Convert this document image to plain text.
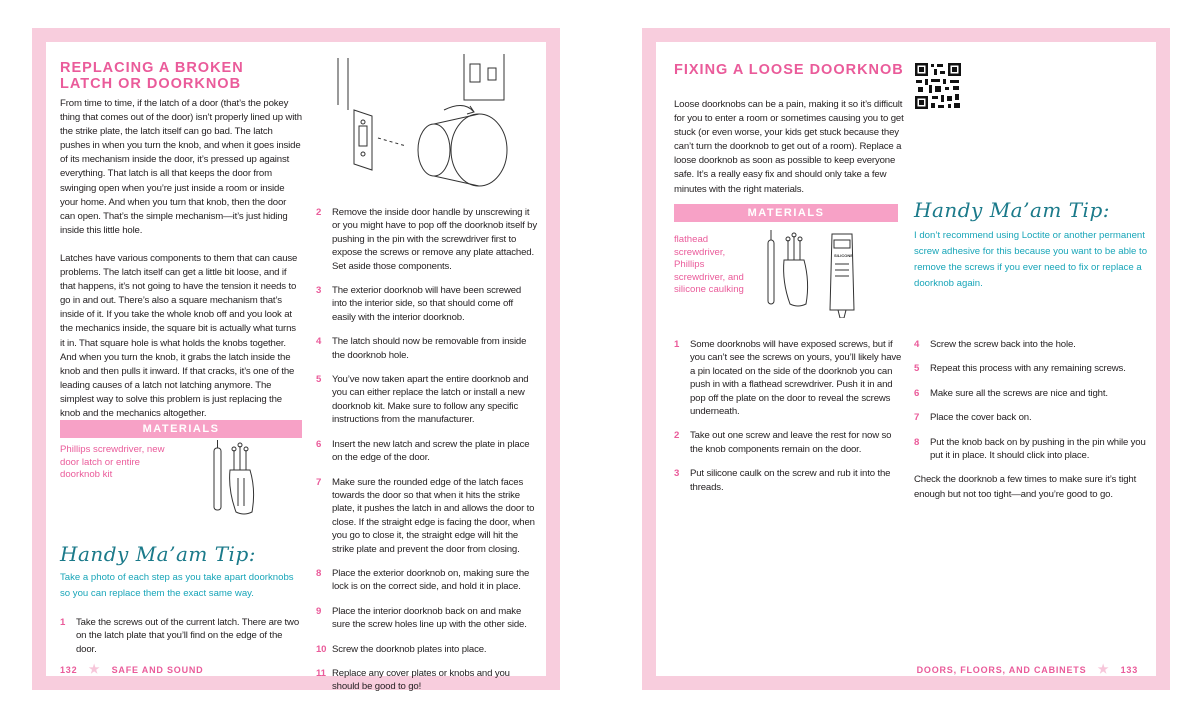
REPLACING A BROKEN LATCH OR DOORKNOB

From time to time, if the latch of a door (that’s the pokey thing that comes out of the door) isn’t properly lined up with the strike plate, the latch itself can go bad. The latch pushes in when you turn the knob, and when it goes inside of its mechanism inside the door, it’s pressed up against everything. That latch is all that keeps the door from swinging open when you’re just inside a room or inside your home. And when you turn that knob, then the door can open. That’s the simple mechanism—it’s just hiding inside this little hole.

Latches have various components to them that can cause problems. The latch itself can get a little bit loose, and if that happens, it’s not going to have the tension it needs to go in and out. There’s also a square mechanism that’s inside of it. If you take the whole knob off and you look at the mechanics inside, the square bit is actually what turns it in. That square hole is what holds the knobs together. And when you turn the knob, it grabs the latch inside the knob and then pulls it inward. If that cracks, it’s one of the leading causes of a latch not latching anymore. The simplest way to solve this problem is just replacing the knob and the mechanics altogether.

MATERIALS
Phillips screwdriver, new door latch or entire doorknob kit
Handy Ma’am Tip:
Take a photo of each step as you take apart doorknobs so you can replace them the exact same way.
1	Take the screws out of the current latch. There are two on the latch plate that you’ll find on the edge of the door.
2	Remove the inside door handle by unscrewing it or you might have to pop off the doorknob itself by pushing in the pin with the screwdriver first to expose the screws or remove any plate attached. Set aside those components.
3	The exterior doorknob will have been screwed into the interior side, so that should come off easily with the interior doorknob.
4	The latch should now be removable from inside the doorknob hole.
5	You’ve now taken apart the entire doorknob and you can either replace the latch or install a new doorknob kit. Make sure to follow any specific instructions from the manufacturer.
6	Insert the new latch and screw the plate in place on the edge of the door.
7	Make sure the rounded edge of the latch faces towards the door so that when it hits the strike plate, it pushes the latch in and allows the door to close. If the straight edge is facing the door, when you go to close it, the straight edge will hit the strike plate and prevent the door from closing.
8	Place the exterior doorknob on, making sure the lock is on the correct side, and hold it in place.
9	Place the interior doorknob back on and make sure the screw holes line up with the other side.
10 Screw the doorknob plates into place.
11 Replace any cover plates or knobs and you should be good to go!
132 ★ SAFE AND SOUND
FIXING A LOOSE DOORKNOB
Loose doorknobs can be a pain, making it so it’s difficult for you to enter a room or sometimes causing you to get stuck (or even worse, your kids get stuck because they can’t turn the doorknob to get out of a room). Replace a loose doorknob as soon as possible to keep everyone safe. It’s a really easy fix and should only take a few minutes with the right materials.
MATERIALS
flathead screwdriver, Phillips screwdriver, and silicone caulking
SILICONE
Handy Ma’am Tip:
I don’t recommend using Loctite or another permanent screw adhesive for this because you want to be able to remove the screws if you ever need to fix or replace a doorknob again.
1	Some doorknobs will have exposed screws, but if you can’t see the screws on yours, you’ll likely have a pin located on the side of the doorknob you can push in with a flathead screwdriver. Push it in and pop off the plate on the door to reveal the screws underneath.
2	Take out one screw and leave the rest for now so the knob components remain on the door.
3	Put silicone caulk on the screw and rub it into the threads.
4	Screw the screw back into the hole.
5	Repeat this process with any remaining screws.
6	Make sure all the screws are nice and tight.
7	Place the cover back on.
8	Put the knob back on by pushing in the pin while you put it in place. It should click into place.
Check the doorknob a few times to make sure it’s tight enough but not too tight—and you’re good to go.
DOORS, FLOORS, AND CABINETS ★ 133
